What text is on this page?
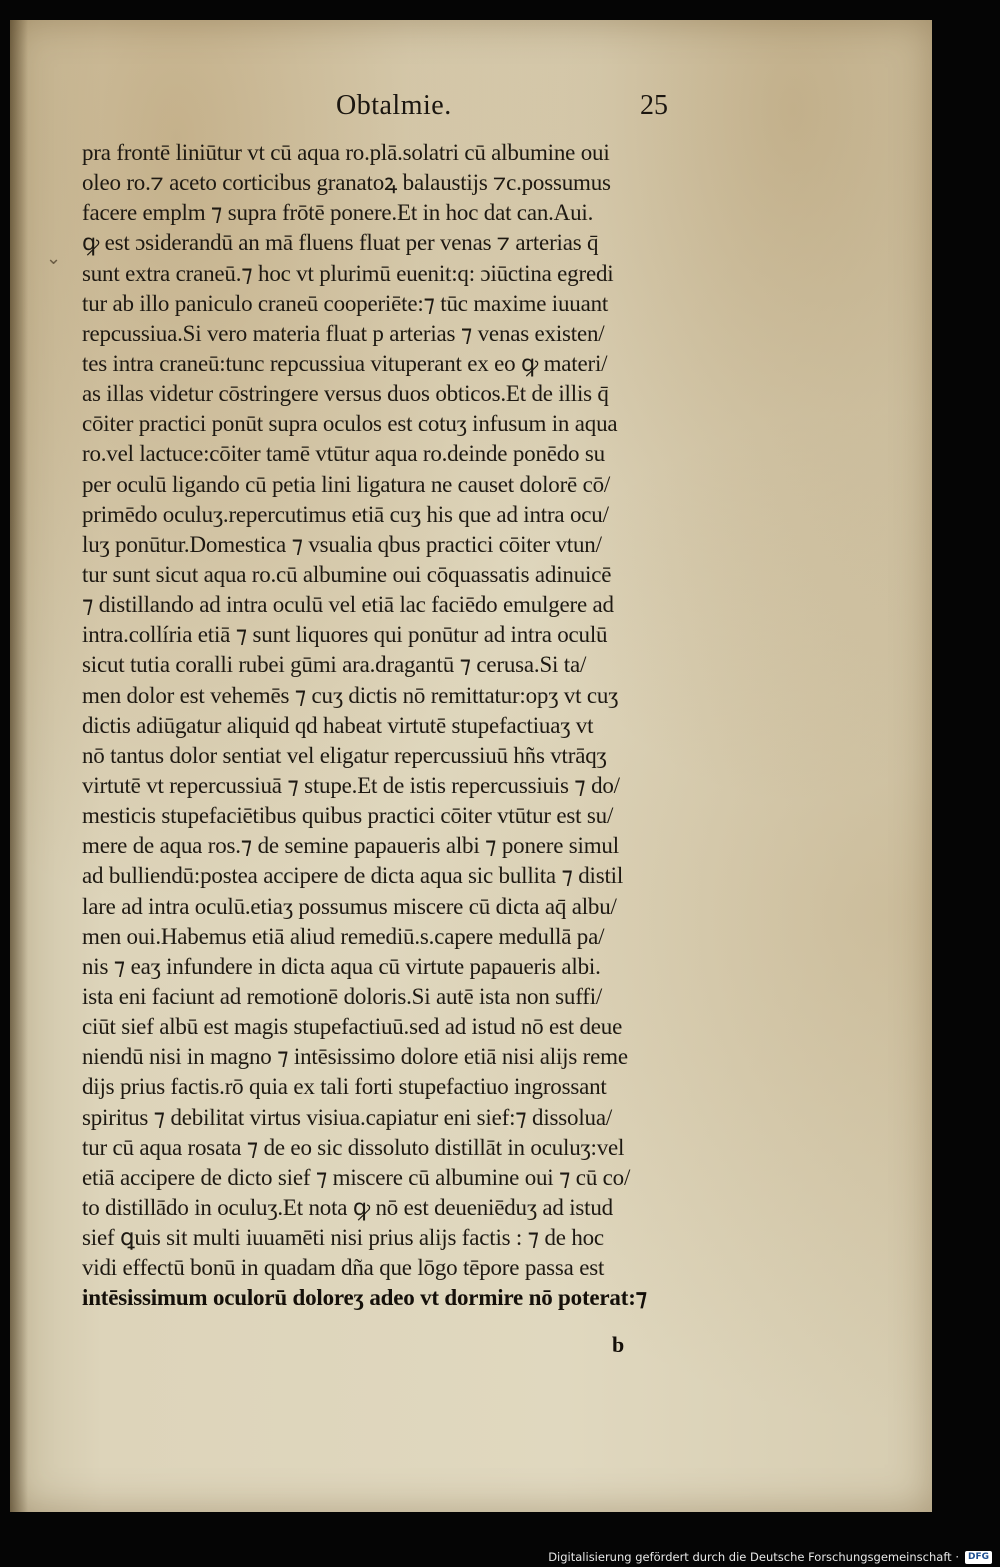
⌄
Obtalmie.	25
pra frontē liniūtur vt cū aqua ro.plā.solatri cū albumine oui
oleo ro.⁊ aceto corticibus granatoꝝ balaustijs ⁊c.possumus
facere emplm ⁊ supra frōtē ponere.Et in hoc dat can.Aui.
ꝙ est ɔsiderandū an mā fluens fluat per venas ⁊ arterias q̄
sunt extra craneū.⁊ hoc vt plurimū euenit:q: ɔiūctina egredi
tur ab illo paniculo craneū cooperiēte:⁊ tūc maxime iuuant
repcussiua.Si vero materia fluat p arterias ⁊ venas existen/
tes intra craneū:tunc repcussiua vituperant ex eo ꝙ materi/
as illas videtur cōstringere versus duos obticos.Et de illis q̄
cōiter practici ponūt supra oculos est cotuʒ infusum in aqua
ro.vel lactuce:cōiter tamē vtūtur aqua ro.deinde ponēdo su
per oculū ligando cū petia lini ligatura ne causet dolorē cō/
primēdo oculuʒ.repercutimus etiā cuʒ his que ad intra ocu/
luʒ ponūtur.Domestica ⁊ vsualia qbus practici cōiter vtun/
tur sunt sicut aqua ro.cū albumine oui cōquassatis adinuicē
⁊ distillando ad intra oculū vel etiā lac faciēdo emulgere ad
intra.collíria etiā ⁊ sunt liquores qui ponūtur ad intra oculū
sicut tutia coralli rubei gūmi ara.dragantū ⁊ cerusa.Si ta/
men dolor est vehemēs ⁊ cuʒ dictis nō remittatur:opʒ vt cuʒ
dictis adiūgatur aliquid qd habeat virtutē stupefactiuaʒ vt
nō tantus dolor sentiat vel eligatur repercussiuū hñs vtrāqʒ
virtutē vt repercussiuā ⁊ stupe.Et de istis repercussiuis ⁊ do/
mesticis stupefaciētibus quibus practici cōiter vtūtur est su/
mere de aqua ros.⁊ de semine papaueris albi ⁊ ponere simul
ad bulliendū:postea accipere de dicta aqua sic bullita ⁊ distil
lare ad intra oculū.etiaʒ possumus miscere cū dicta aq̄ albu/
men oui.Habemus etiā aliud remediū.s.capere medullā pa/
nis ⁊ eaʒ infundere in dicta aqua cū virtute papaueris albi.
ista eni faciunt ad remotionē doloris.Si autē ista non suffi/
ciūt sief albū est magis stupefactiuū.sed ad istud nō est deue
niendū nisi in magno ⁊ intēsissimo dolore etiā nisi alijs reme
dijs prius factis.rō quia ex tali forti stupefactiuo ingrossant
spiritus ⁊ debilitat virtus visiua.capiatur eni sief:⁊ dissolua/
tur cū aqua rosata ⁊ de eo sic dissoluto distillāt in oculuʒ:vel
etiā accipere de dicto sief ⁊ miscere cū albumine oui ⁊ cū co/
to distillādo in oculuʒ.Et nota ꝙ nō est deueniēduʒ ad istud
sief ꝗuis sit multi iuuamēti nisi prius alijs factis : ⁊ de hoc
vidi effectū bonū in quadam dña que lōgo tēpore passa est
intēsissimum oculorū doloreʒ adeo vt dormire nō poterat:⁊
b
Digitalisierung gefördert durch die Deutsche Forschungsgemeinschaft ·	DFG
